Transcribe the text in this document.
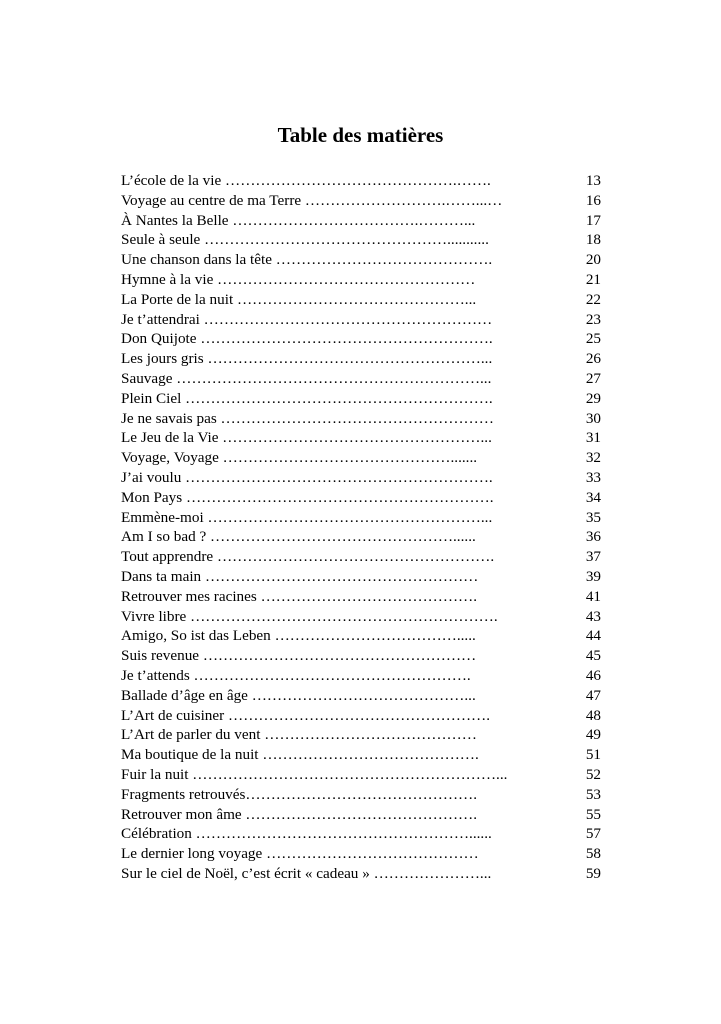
Table des matières
L’école de la vie ……………………………………….…….	13
Voyage au centre de ma Terre ……………………….……...…	16
À Nantes la Belle ……………………………….………...	17
Seule à seule …………………………………………...........	18
Une chanson dans la tête …………………………………….	20
Hymne à la vie ……………………………………………	21
La Porte de la nuit ………………………………………...	22
Je t’attendrai …………………………………………………	23
Don Quijote ………………………………………………….	25
Les jours gris ………………………………………………...	26
Sauvage ……………………………………………………...	27
Plein Ciel …………………………………………………….	29
Je ne savais pas ………………………………………………	30
Le Jeu de la Vie ……………………………………………...	31
Voyage, Voyage ……………………………………….......	32
J’ai voulu …………………………………………………….	33
Mon Pays …………………………………………………….	34
Emmène-moi ………………………………………………...	35
Am I so bad ? …………………………………………......	36
Tout apprendre ……………………………………………….	37
Dans ta main ………………………………………………	39
Retrouver mes racines …………………………………….	41
Vivre libre …………………………………………………….	43
Amigo, So ist das Leben ……………………………….....	44
Suis revenue ………………………………………………	45
Je t’attends ……………………………………………….	46
Ballade d’âge en âge ……………………………………...	47
L’Art de cuisiner …………………………………………….	48
L’Art de parler du vent ……………………………………	49
Ma boutique de la nuit …………………………………….	51
Fuir la nuit ……………………………………………………...	52
Fragments retrouvés……………………………………….	53
Retrouver mon âme ……………………………………….	55
Célébration ………………………………………………......	57
Le dernier long voyage ……………………………………	58
Sur le ciel de Noël, c’est écrit « cadeau » …………………...	59
